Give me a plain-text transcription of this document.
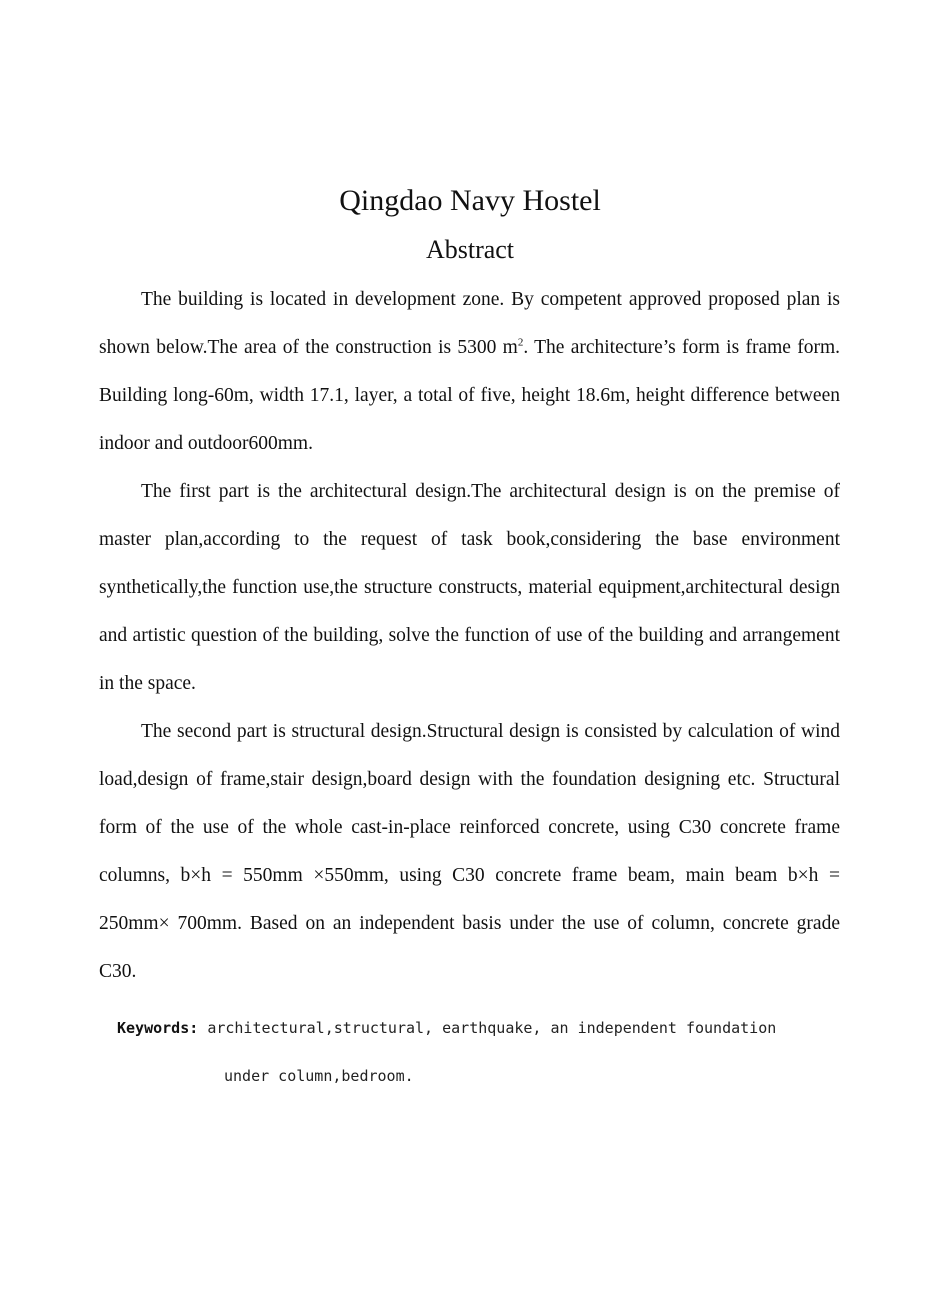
Qingdao Navy Hostel
Abstract

The building is located in development zone. By competent approved proposed plan is shown below.The area of the construction is 5300 $m^2$. The architecture’s form is frame form. Building long-60m, width 17.1, layer, a total of five, height 18.6m, height difference between indoor and outdoor600mm.

The first part is the architectural design.The architectural design is on the premise of master plan,according to the request of task book,considering the base environment synthetically,the function use,the structure constructs, material equipment,architectural design and artistic question of the building, solve the function of use of the building and arrangement in the space.

The second part is structural design.Structural design is consisted by calculation of wind load,design of frame,stair design,board design with the foundation designing etc. Structural form of the use of the whole cast-in-place reinforced concrete, using C30 concrete frame columns, b×h = 550mm ×550mm, using C30 concrete frame beam, main beam b×h = 250mm× 700mm. Based on an independent basis under the use of column, concrete grade C30.

Keywords: architectural,structural, earthquake, an independent foundation
under column,bedroom.
